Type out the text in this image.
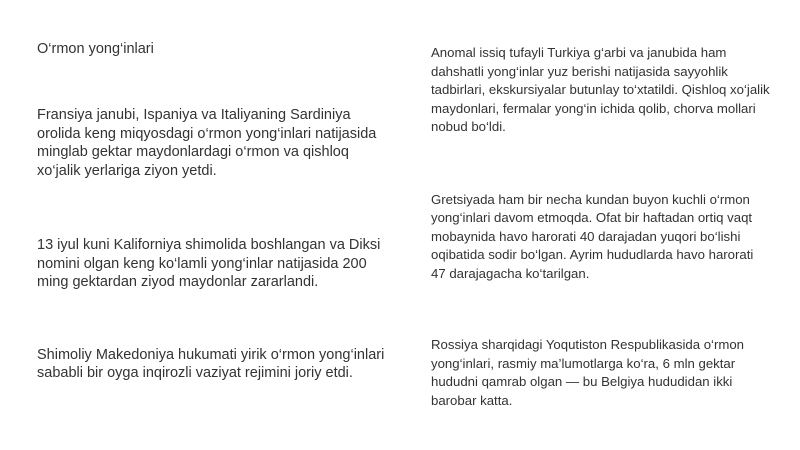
O‘rmon yong‘inlari

Fransiya janubi, Ispaniya va Italiyaning Sardiniya orolida keng miqyosdagi o‘rmon yong‘inlari natijasida minglab gektar maydonlardagi o‘rmon va qishloq xo‘jalik yerlariga ziyon yetdi.

13 iyul kuni Kaliforniya shimolida boshlangan va Diksi nomini olgan keng ko‘lamli yong‘inlar natijasida 200 ming gektardan ziyod maydonlar zararlandi.

Shimoliy Makedoniya hukumati yirik o‘rmon yong‘inlari sababli bir oyga inqirozli vaziyat rejimini joriy etdi.

Anomal issiq tufayli Turkiya g‘arbi va janubida ham dahshatli yong‘inlar yuz berishi natijasida sayyohlik tadbirlari, ekskursiyalar butunlay to‘xtatildi. Qishloq xo‘jalik maydonlari, fermalar yong‘in ichida qolib, chorva mollari nobud bo‘ldi.

Gretsiyada ham bir necha kundan buyon kuchli o‘rmon yong‘inlari davom etmoqda. Ofat bir haftadan ortiq vaqt mobaynida havo harorati 40 darajadan yuqori bo‘lishi oqibatida sodir bo‘lgan. Ayrim hududlarda havo harorati 47 darajagacha ko‘tarilgan.

Rossiya sharqidagi Yoqutiston Respublikasida o‘rmon yong‘inlari, rasmiy ma’lumotlarga ko‘ra, 6 mln gektar hududni qamrab olgan — bu Belgiya hududidan ikki barobar katta.
